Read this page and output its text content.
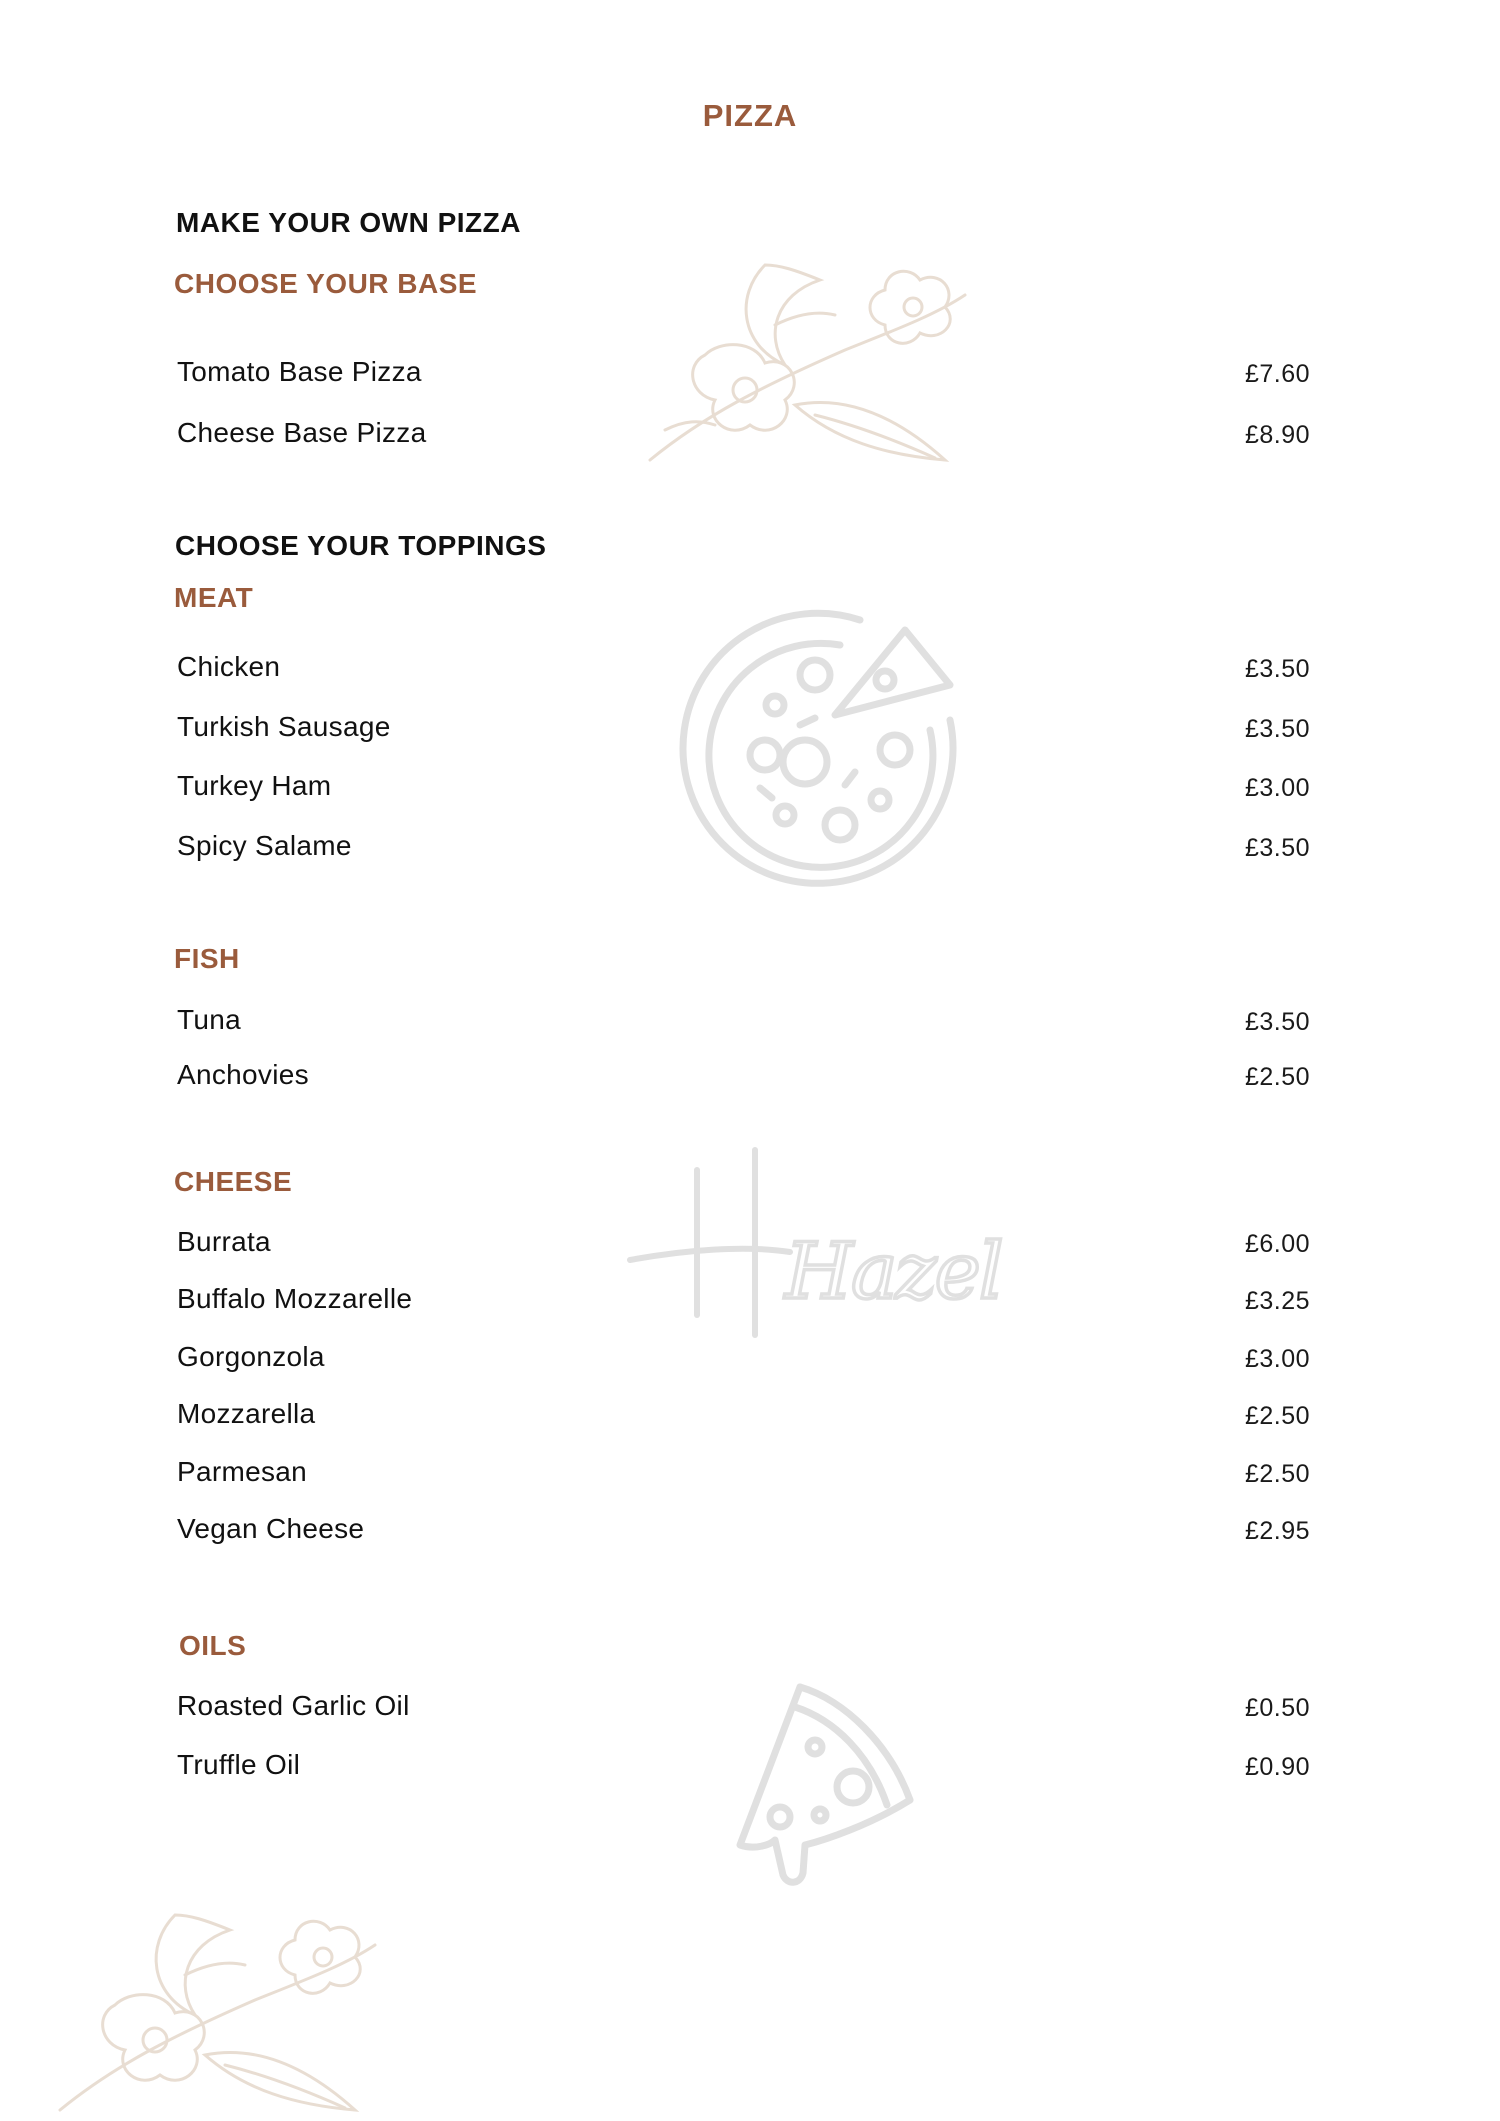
Hazel
PIZZA
MAKE YOUR OWN PIZZA
CHOOSE YOUR BASE
Tomato Base Pizza	£7.60
Cheese Base Pizza	£8.90
CHOOSE YOUR TOPPINGS
MEAT
Chicken	£3.50
Turkish Sausage	£3.50
Turkey Ham	£3.00
Spicy Salame	£3.50
FISH
Tuna	£3.50
Anchovies	£2.50
CHEESE
Burrata	£6.00
Buffalo Mozzarelle	£3.25
Gorgonzola	£3.00
Mozzarella	£2.50
Parmesan	£2.50
Vegan Cheese	£2.95
OILS
Roasted Garlic Oil	£0.50
Truffle Oil	£0.90
